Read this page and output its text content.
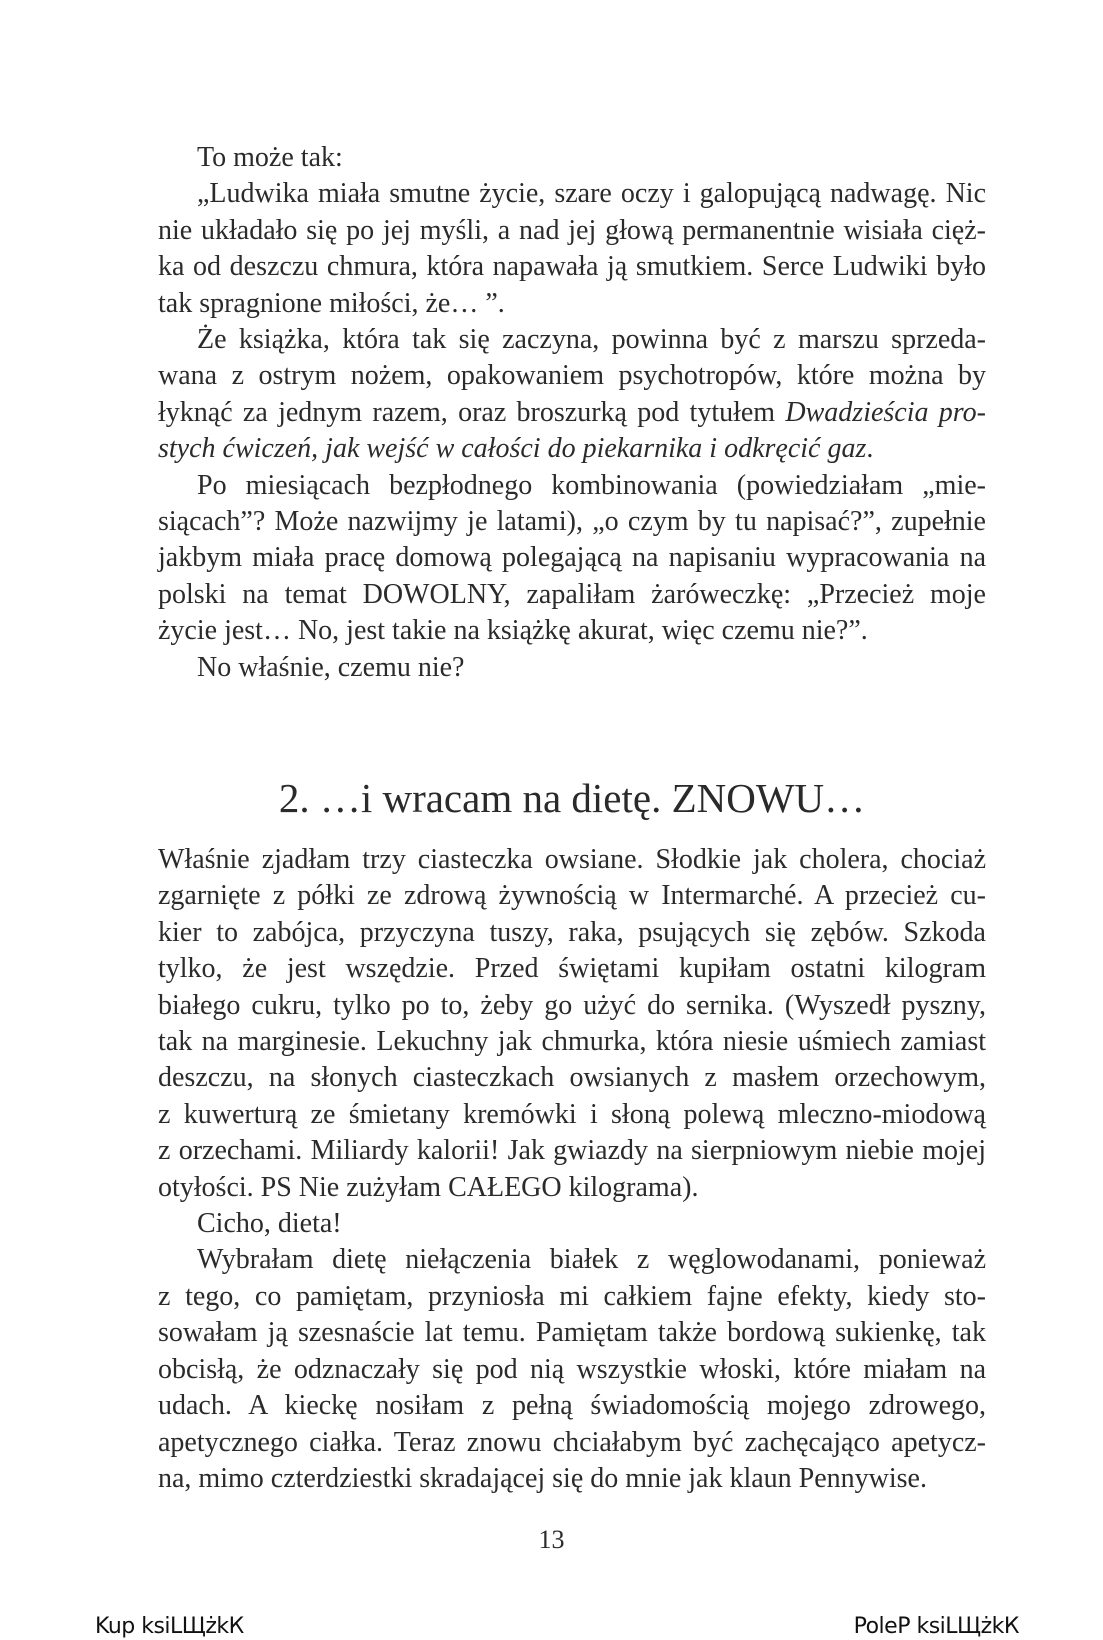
To może tak:

„Ludwika miała smutne życie, szare oczy i galopującą nadwagę. Nic

nie układało się po jej myśli, a nad jej głową permanentnie wisiała cięż-

ka od deszczu chmura, która napawała ją smutkiem. Serce Ludwiki było

tak spragnione miłości, że… ”.

Że książka, która tak się zaczyna, powinna być z marszu sprzeda-

wana z ostrym nożem, opakowaniem psychotropów, które można by

łyknąć za jednym razem, oraz broszurką pod tytułem Dwadzieścia pro-

stych ćwiczeń, jak wejść w całości do piekarnika i odkręcić gaz.

Po miesiącach bezpłodnego kombinowania (powiedziałam „mie-

siącach”? Może nazwijmy je latami), „o czym by tu napisać?”, zupełnie

jakbym miała pracę domową polegającą na napisaniu wypracowania na

polski na temat DOWOLNY, zapaliłam żaróweczkę: „Przecież moje

życie jest… No, jest takie na książkę akurat, więc czemu nie?”.

No właśnie, czemu nie?

2. …i wracam na dietę. ZNOWU…

Właśnie zjadłam trzy ciasteczka owsiane. Słodkie jak cholera, chociaż

zgarnięte z półki ze zdrową żywnością w Intermarché. A przecież cu-

kier to zabójca, przyczyna tuszy, raka, psujących się zębów. Szkoda

tylko, że jest wszędzie. Przed świętami kupiłam ostatni kilogram

białego cukru, tylko po to, żeby go użyć do sernika. (Wyszedł pyszny,

tak na marginesie. Lekuchny jak chmurka, która niesie uśmiech zamiast

deszczu, na słonych ciasteczkach owsianych z masłem orzechowym,

z kuwerturą ze śmietany kremówki i słoną polewą mleczno-miodową

z orzechami. Miliardy kalorii! Jak gwiazdy na sierpniowym niebie mojej

otyłości. PS Nie zużyłam CAŁEGO kilograma).

Cicho, dieta!

Wybrałam dietę niełączenia białek z węglowodanami, ponieważ

z tego, co pamiętam, przyniosła mi całkiem fajne efekty, kiedy sto-

sowałam ją szesnaście lat temu. Pamiętam także bordową sukienkę, tak

obcisłą, że odznaczały się pod nią wszystkie włoski, które miałam na

udach. A kieckę nosiłam z pełną świadomością mojego zdrowego,

apetycznego ciałka. Teraz znowu chciałabym być zachęcająco apetycz-

na, mimo czterdziestki skradającej się do mnie jak klaun Pennywise.

13
Kup ksiLЩżkК	PoleP ksiLЩżkК
